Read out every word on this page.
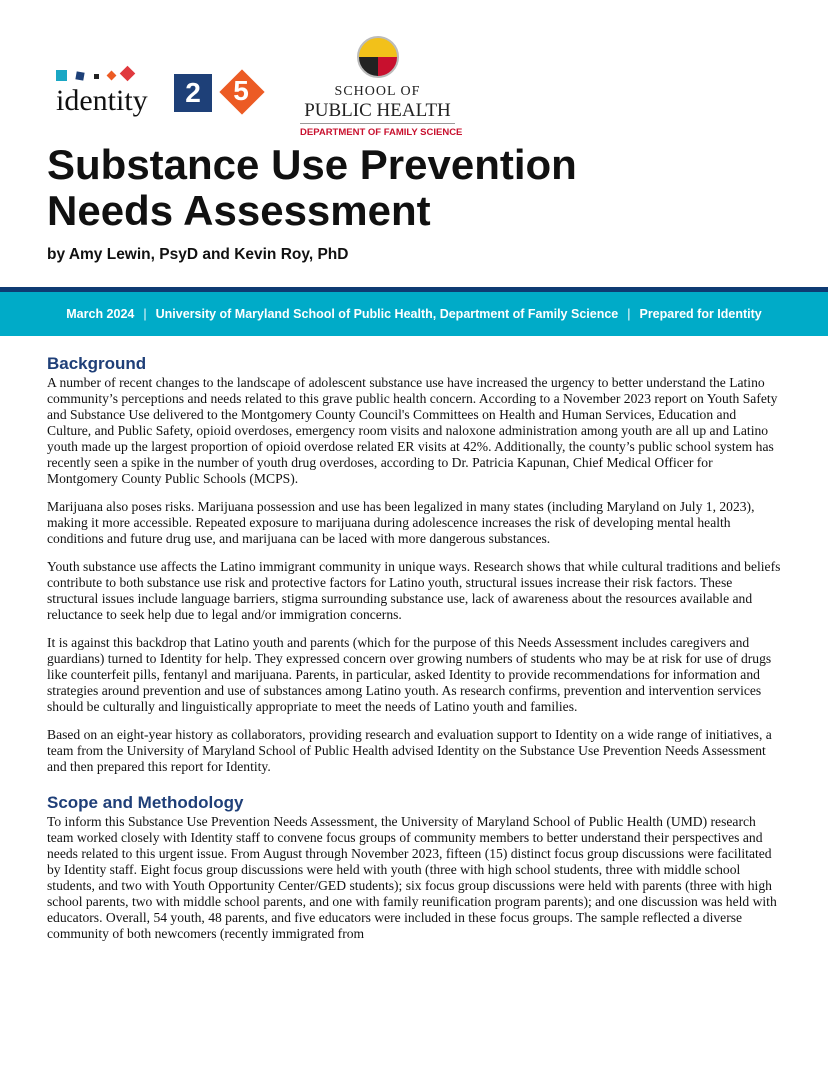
identity	2	5	SCHOOL OF
PUBLIC HEALTH
DEPARTMENT OF FAMILY SCIENCE
Substance Use Prevention
Needs Assessment
by Amy Lewin, PsyD and Kevin Roy, PhD
March 2024 | University of Maryland School of Public Health, Department of Family Science | Prepared for Identity
Background

A number of recent changes to the landscape of adolescent substance use have increased the urgency to better understand the Latino community’s perceptions and needs related to this grave public health concern. According to a November 2023 report on Youth Safety and Substance Use delivered to the Montgomery County Council's Committees on Health and Human Services, Education and Culture, and Public Safety, opioid overdoses, emergency room visits and naloxone administration among youth are all up and Latino youth made up the largest proportion of opioid overdose related ER visits at 42%. Additionally, the county’s public school system has recently seen a spike in the number of youth drug overdoses, according to Dr. Patricia Kapunan, Chief Medical Officer for Montgomery County Public Schools (MCPS).

Marijuana also poses risks. Marijuana possession and use has been legalized in many states (including Maryland on July 1, 2023), making it more accessible. Repeated exposure to marijuana during adolescence increases the risk of developing mental health conditions and future drug use, and marijuana can be laced with more dangerous substances.

Youth substance use affects the Latino immigrant community in unique ways. Research shows that while cultural traditions and beliefs contribute to both substance use risk and protective factors for Latino youth, structural issues increase their risk factors. These structural issues include language barriers, stigma surrounding substance use, lack of awareness about the resources available and reluctance to seek help due to legal and/or immigration concerns.

It is against this backdrop that Latino youth and parents (which for the purpose of this Needs Assessment includes caregivers and guardians) turned to Identity for help. They expressed concern over growing numbers of students who may be at risk for use of drugs like counterfeit pills, fentanyl and marijuana. Parents, in particular, asked Identity to provide recommendations for information and strategies around prevention and use of substances among Latino youth. As research confirms, prevention and intervention services should be culturally and linguistically appropriate to meet the needs of Latino youth and families.

Based on an eight-year history as collaborators, providing research and evaluation support to Identity on a wide range of initiatives, a team from the University of Maryland School of Public Health advised Identity on the Substance Use Prevention Needs Assessment and then prepared this report for Identity.

Scope and Methodology

To inform this Substance Use Prevention Needs Assessment, the University of Maryland School of Public Health (UMD) research team worked closely with Identity staff to convene focus groups of community members to better understand their perspectives and needs related to this urgent issue. From August through November 2023, fifteen (15) distinct focus group discussions were facilitated by Identity staff. Eight focus group discussions were held with youth (three with high school students, three with middle school students, and two with Youth Opportunity Center/GED students); six focus group discussions were held with parents (three with high school parents, two with middle school parents, and one with family reunification program parents); and one discussion was held with educators. Overall, 54 youth, 48 parents, and five educators were included in these focus groups. The sample reflected a diverse community of both newcomers (recently immigrated from
